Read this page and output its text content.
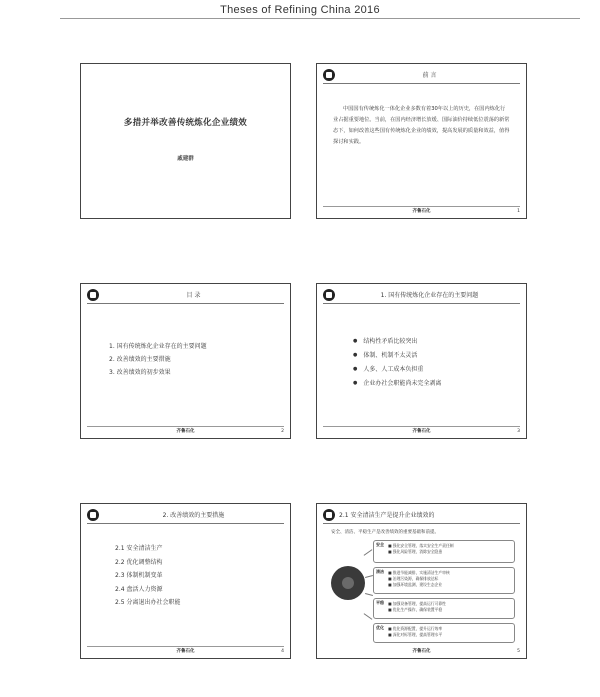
Theses of Refining China 2016
多措并举改善传统炼化企业绩效
戚建群
前 言
中国国有传统炼化一体化企业多数有着30年以上的历史，在国内炼化行业占据重要地位。当前，在国内经济增长放缓、国际油价持续低位震荡的新常态下，如何改善这些国有传统炼化企业的绩效，提高发展的质量和效益，值得探讨和实践。
齐鲁石化	1
目 录
1. 国有传统炼化企业存在的主要问题
2. 改善绩效的主要措施
3. 改善绩效的初步效果
齐鲁石化	2
1. 国有传统炼化企业存在的主要问题
● 结构性矛盾比较突出
● 体制、机制不太灵活
● 人多、人工成本负担重
● 企业办社会职能尚未完全剥离
齐鲁石化	3
2. 改善绩效的主要措施
2.1 安全清洁生产
2.2 优化调整结构
2.3 体制机制变革
2.4 盘活人力资源
2.5 分离退出办社会职能
齐鲁石化	4
2.1 安全清洁生产是提升企业绩效的
安全、清洁、平稳生产是改善绩效的重要基础和前提。
安全 ■ 强化安全管理，落实安全生产责任制
■ 强化风险管理，消除安全隐患
清洁 ■ 推进节能减排，实施清洁生产审核
■ 治理污染源，确保排放达标
■ 加强环境监测，建设生态企业
平稳 ■ 加强设备管理，提高运行可靠性
■ 优化生产操作，确保装置平稳
优化 ■ 优化资源配置，提升运行效率
■ 深化对标管理，提高管理水平
齐鲁石化	5
